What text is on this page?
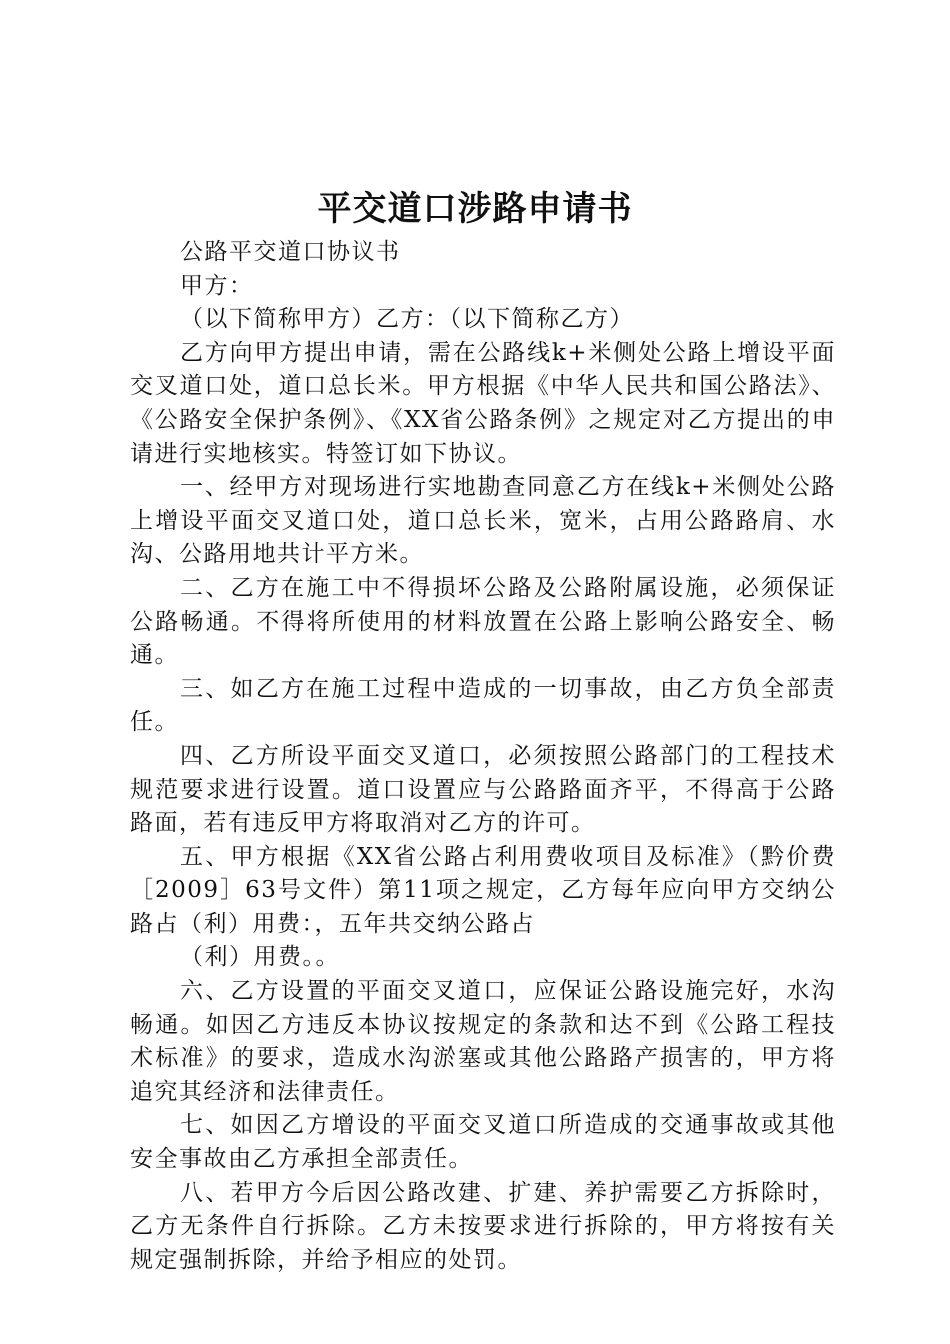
平交道口涉路申请书

公路平交道口协议书

甲方：

（以下简称甲方）乙方：（以下简称乙方）

乙方向甲方提出申请，需在公路线k+米侧处公路上增设平面交叉道口处，道口总长米。甲方根据《中华人民共和国公路法》、《公路安全保护条例》、《XX省公路条例》之规定对乙方提出的申请进行实地核实。特签订如下协议。

一、经甲方对现场进行实地勘查同意乙方在线k+米侧处公路上增设平面交叉道口处，道口总长米，宽米，占用公路路肩、水沟、公路用地共计平方米。

二、乙方在施工中不得损坏公路及公路附属设施，必须保证公路畅通。不得将所使用的材料放置在公路上影响公路安全、畅通。

三、如乙方在施工过程中造成的一切事故，由乙方负全部责任。

四、乙方所设平面交叉道口，必须按照公路部门的工程技术规范要求进行设置。道口设置应与公路路面齐平，不得高于公路路面，若有违反甲方将取消对乙方的许可。

五、甲方根据《XX省公路占利用费收项目及标准》（黔价费［2009］63号文件）第11项之规定，乙方每年应向甲方交纳公路占（利）用费：，五年共交纳公路占

（利）用费。。

六、乙方设置的平面交叉道口，应保证公路设施完好，水沟畅通。如因乙方违反本协议按规定的条款和达不到《公路工程技术标准》的要求，造成水沟淤塞或其他公路路产损害的，甲方将追究其经济和法律责任。

七、如因乙方增设的平面交叉道口所造成的交通事故或其他安全事故由乙方承担全部责任。

八、若甲方今后因公路改建、扩建、养护需要乙方拆除时，乙方无条件自行拆除。乙方未按要求进行拆除的，甲方将按有关规定强制拆除，并给予相应的处罚。
